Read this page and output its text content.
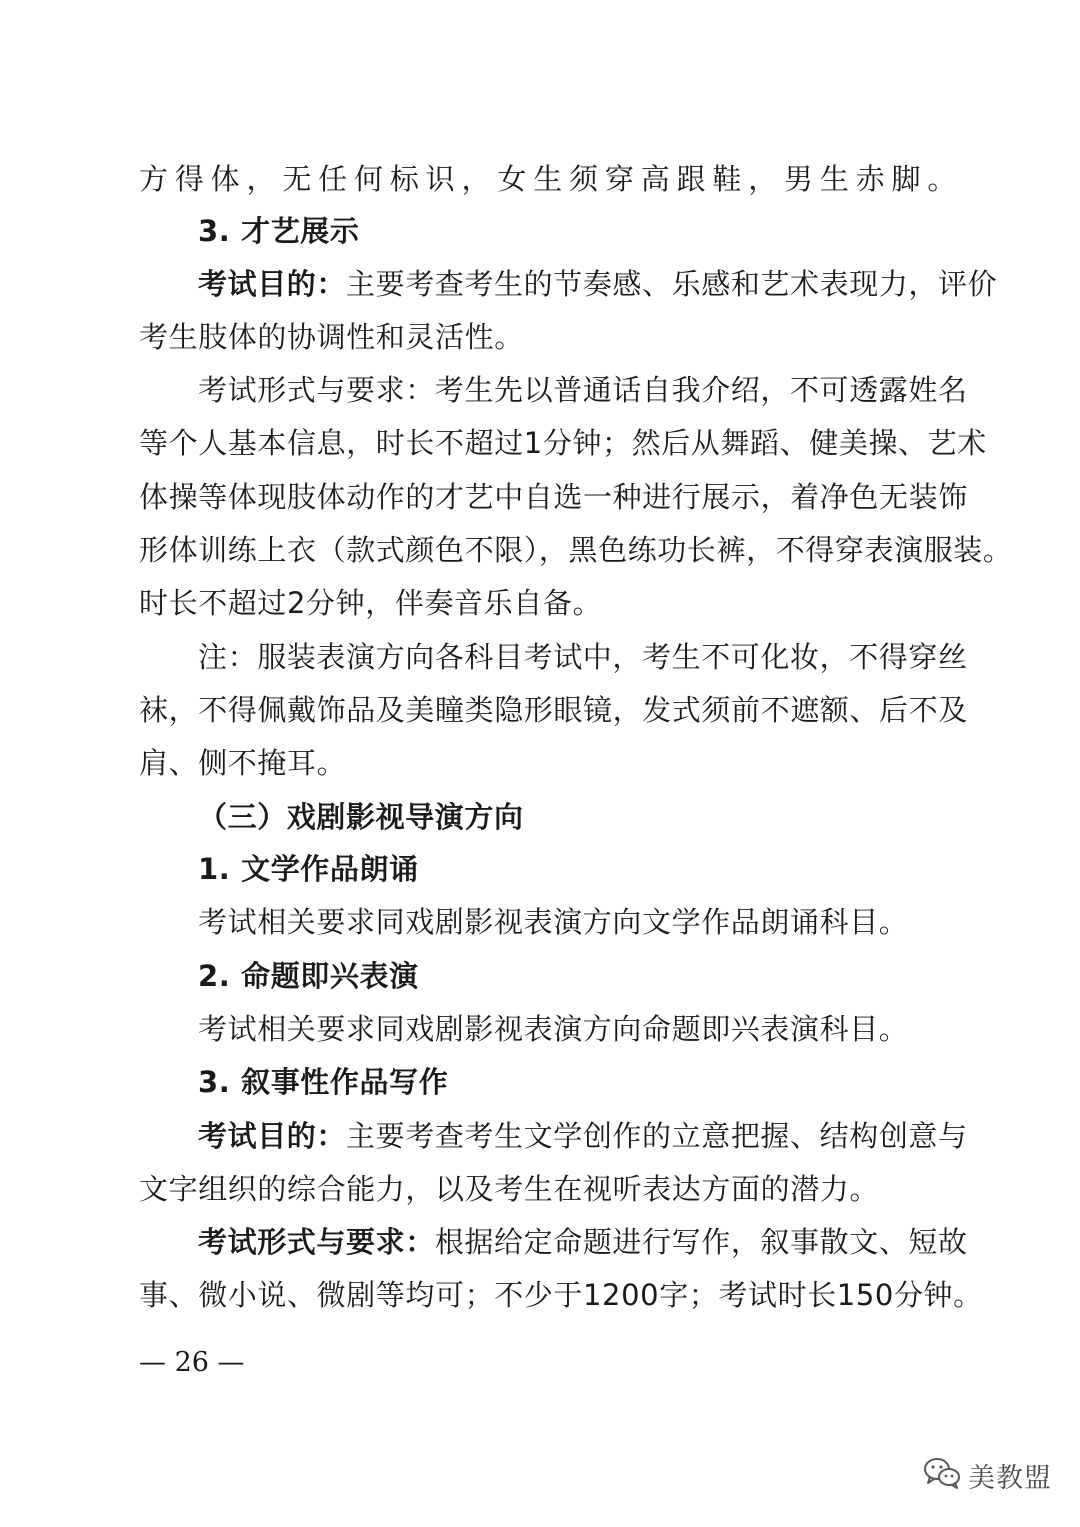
方得体，无任何标识，女生须穿高跟鞋，男生赤脚。
3. 才艺展示
考试目的：主要考查考生的节奏感、乐感和艺术表现力，评价
考生肢体的协调性和灵活性。
考试形式与要求：考生先以普通话自我介绍，不可透露姓名
等个人基本信息，时长不超过1分钟；然后从舞蹈、健美操、艺术
体操等体现肢体动作的才艺中自选一种进行展示，着净色无装饰
形体训练上衣（款式颜色不限），黑色练功长裤，不得穿表演服装。
时长不超过2分钟，伴奏音乐自备。
注：服装表演方向各科目考试中，考生不可化妆，不得穿丝
袜，不得佩戴饰品及美瞳类隐形眼镜，发式须前不遮额、后不及
肩、侧不掩耳。
（三）戏剧影视导演方向
1. 文学作品朗诵
考试相关要求同戏剧影视表演方向文学作品朗诵科目。
2. 命题即兴表演
考试相关要求同戏剧影视表演方向命题即兴表演科目。
3. 叙事性作品写作
考试目的：主要考查考生文学创作的立意把握、结构创意与
文字组织的综合能力，以及考生在视听表达方面的潜力。
考试形式与要求：根据给定命题进行写作，叙事散文、短故
事、微小说、微剧等均可；不少于1200字；考试时长150分钟。
— 26 —
美教盟
